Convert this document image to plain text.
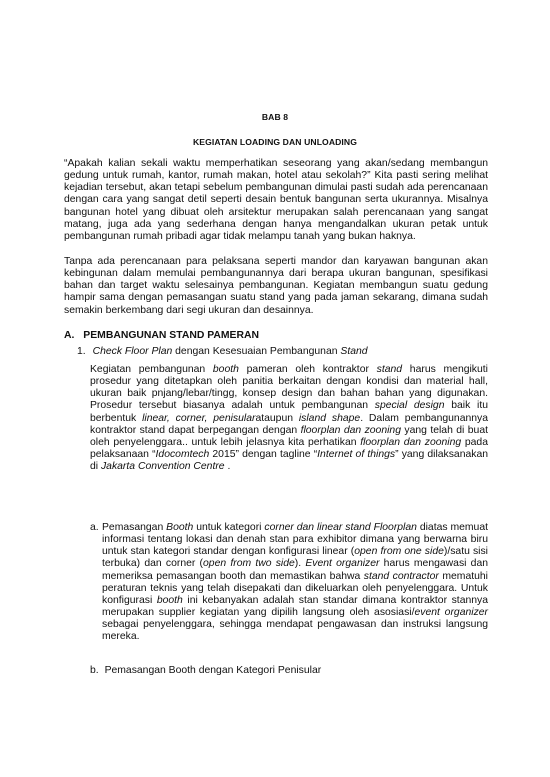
BAB 8
KEGIATAN LOADING DAN UNLOADING
“Apakah kalian sekali waktu memperhatikan seseorang yang akan/sedang membangun gedung untuk rumah, kantor, rumah makan, hotel atau sekolah?” Kita pasti sering melihat kejadian tersebut, akan tetapi sebelum pembangunan dimulai pasti sudah ada perencanaan dengan cara yang sangat detil seperti desain bentuk bangunan serta ukurannya. Misalnya bangunan hotel yang dibuat oleh arsitektur merupakan salah perencanaan yang sangat matang, juga ada yang sederhana dengan hanya mengandalkan ukuran petak untuk pembangunan rumah pribadi agar tidak melampu tanah yang bukan haknya.
Tanpa ada perencanaan para pelaksana seperti mandor dan karyawan bangunan akan kebingunan dalam memulai pembangunannya dari berapa ukuran bangunan, spesifikasi bahan dan target waktu selesainya pembangunan. Kegiatan membangun suatu gedung hampir sama dengan pemasangan suatu stand yang pada jaman sekarang, dimana sudah semakin berkembang dari segi ukuran dan desainnya.
A. PEMBANGUNAN STAND PAMERAN
1. Check Floor Plan dengan Kesesuaian Pembangunan Stand
Kegiatan pembangunan booth pameran oleh kontraktor stand harus mengikuti prosedur yang ditetapkan oleh panitia berkaitan dengan kondisi dan material hall, ukuran baik pnjang/lebar/tingg, konsep design dan bahan bahan yang digunakan. Prosedur tersebut biasanya adalah untuk pembangunan special design baik itu berbentuk linear, corner, penisularataupun island shape. Dalam pembangunannya kontraktor stand dapat berpegangan dengan floorplan dan zooning yang telah di buat oleh penyelenggara.. untuk lebih jelasnya kita perhatikan floorplan dan zooning pada pelaksanaan “Idocomtech 2015” dengan tagline “Internet of things” yang dilaksanakan di Jakarta Convention Centre .
a. Pemasangan Booth untuk kategori corner dan linear stand Floorplan diatas memuat informasi tentang lokasi dan denah stan para exhibitor dimana yang berwarna biru untuk stan kategori standar dengan konfigurasi linear (open from one side)/satu sisi terbuka) dan corner (open from two side). Event organizer harus mengawasi dan memeriksa pemasangan booth dan memastikan bahwa stand contractor mematuhi peraturan teknis yang telah disepakati dan dikeluarkan oleh penyelenggara. Untuk konfigurasi booth ini kebanyakan adalah stan standar dimana kontraktor stannya merupakan supplier kegiatan yang dipilih langsung oleh asosiasi/event organizer sebagai penyelenggara, sehingga mendapat pengawasan dan instruksi langsung mereka.
b. Pemasangan Booth dengan Kategori Penisular
